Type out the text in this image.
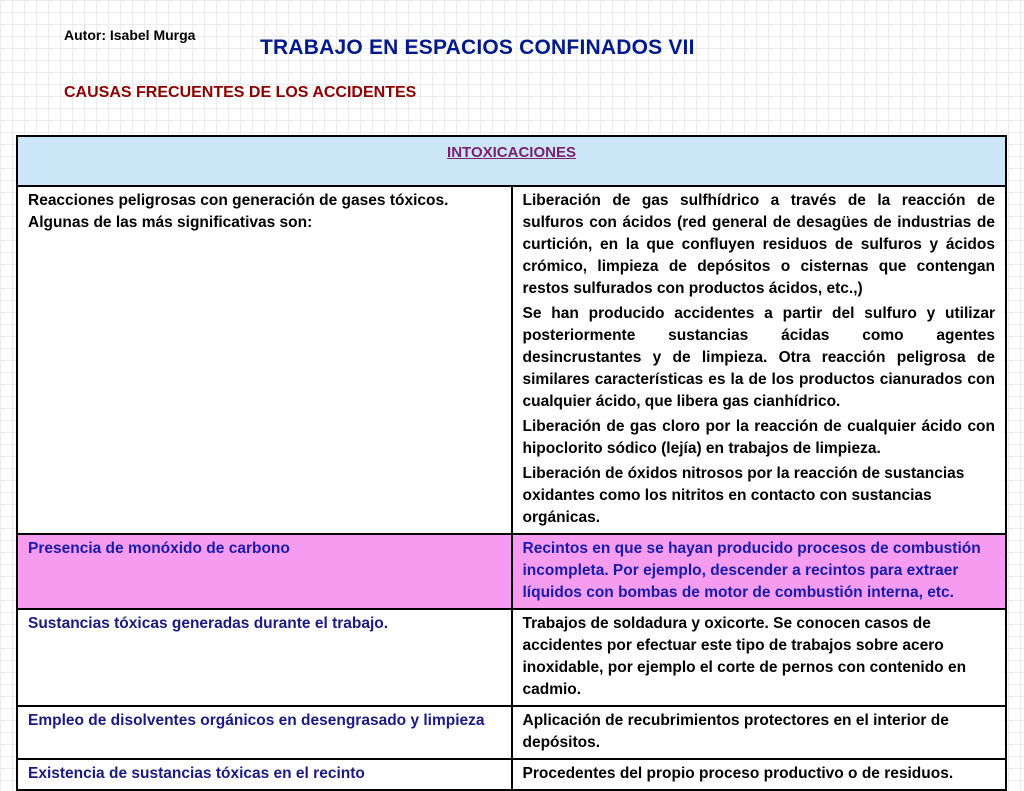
Autor: Isabel Murga
TRABAJO EN ESPACIOS CONFINADOS VII
CAUSAS FRECUENTES DE LOS ACCIDENTES
INTOXICACIONES	
Reacciones peligrosas con generación de gases tóxicos. Algunas de las más significativas son:	Liberación de gas sulfhídrico a través de la reacción de sulfuros con ácidos (red general de desagües de industrias de curtición, en la que confluyen residuos de sulfuros y ácidos crómico, limpieza de depósitos o cisternas que contengan restos sulfurados con productos ácidos, etc.,)
Se han producido accidentes a partir del sulfuro y utilizar posteriormente sustancias ácidas como agentes desincrustantes y de limpieza. Otra reacción peligrosa de similares características es la de los productos cianurados con cualquier ácido, que libera gas cianhídrico.
Liberación de gas cloro por la reacción de cualquier ácido con hipoclorito sódico (lejía) en trabajos de limpieza.
Liberación de óxidos nitrosos por la reacción de sustancias oxidantes como los nitritos en contacto con sustancias orgánicas.

Presencia de monóxido de carbono	Recintos en que se hayan producido procesos de combustión incompleta. Por ejemplo, descender a recintos para extraer líquidos con bombas de motor de combustión interna, etc.

Sustancias tóxicas generadas durante el trabajo.	Trabajos de soldadura y oxicorte. Se conocen casos de accidentes por efectuar este tipo de trabajos sobre acero inoxidable, por ejemplo el corte de pernos con contenido en cadmio.

Empleo de disolventes orgánicos en desengrasado y limpieza	Aplicación de recubrimientos protectores en el interior de depósitos.

Existencia de sustancias tóxicas en el recinto	Procedentes del propio proceso productivo o de residuos.
